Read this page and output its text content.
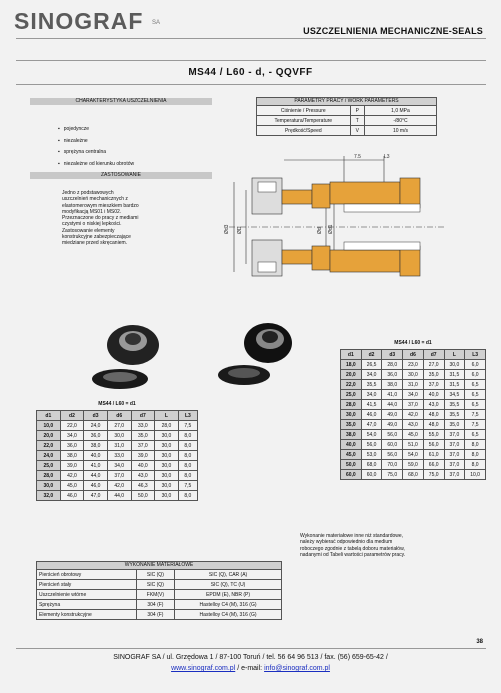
SINOGRAF SA
USZCZELNIENIA MECHANICZNE-SEALS
MS44 / L60 - d, - QQVFF
CHARAKTERYSTYKA USZCZELNIENIA
▪ pojedyncze
▪ niezależne
▪ sprężyna centralna
▪ niezależne od kierunku obrotów
ZASTOSOWANIE
Jedno z podstawowych uszczelnień mechanicznych z elastomerowym mieszkiem bardzo modyfikacją MS01 i MS02. Przeznaczone do pracy z mediami czystymi o niskiej lepkości. Zastosowanie elementy konstrukcyjne zabezpieczające miedziane przed skręcaniem.
PARAMETRY PRACY / WORK PARAMETERS
Ciśnienie / Pressure	P	1,0 MPa
Temperatura/Temperature	T	-/80°C
Prędkość/Speed	V	10 m/s
7.5	L3
Ød3 ØD	Ød Ød1
MS44 / L60 = d1
d1	d2	d3	d6	d7	L	L3
18,0	26,5	28,0	23,0	27,0	30,0	6,0
20,0	34,0	36,0	30,0	35,0	31,5	6,0
22,0	35,5	38,0	31,0	37,0	31,5	6,5
25,0	34,0	41,0	34,0	40,0	34,5	6,5
28,0	41,5	44,0	37,0	43,0	35,5	6,5
30,0	46,0	49,0	42,0	48,0	35,5	7,5
35,0	47,0	49,0	43,0	48,0	35,0	7,5
38,0	54,0	56,0	45,0	55,0	37,0	6,5
40,0	56,0	60,0	51,0	56,0	37,0	8,0
45,0	53,0	56,0	54,0	61,0	37,0	8,0
50,0	68,0	70,0	59,0	66,0	37,0	8,0
60,0	60,0	75,0	68,0	75,0	37,0	10,0
MS44 / L60 = d1
d1	d2	d3	d6	d7	L	L3
10,0	22,0	24,0	27,0	33,0	28,0	7,5
20,0	34,0	36,0	30,0	35,0	30,0	8,0
22,0	36,0	38,0	31,0	37,0	30,0	8,0
24,0	38,0	40,0	33,0	39,0	30,0	8,0
25,0	39,0	41,0	34,0	40,0	30,0	8,0
28,0	42,0	44,0	37,0	43,0	30,0	8,0
30,0	45,0	46,0	42,0	46,3	30,0	7,5
32,0	46,0	47,0	44,0	50,0	30,0	8,0
WYKONANIE MATERIAŁOWE
Pierścień obrotowy	SIC (Q)	SIC (Q), CAR (A)
Pierścień stały	SIC (Q)	SIC (Q), TC (U)
Uszczelnienie wtórne	FKM(V)	EPDM (E), NBR (P)
Sprężyna	304 (F)	Hastelloy C4 (M), 316 (G)
Elementy konstrukcyjne	304 (F)	Hastelloy C4 (M), 316 (G)
Wykonanie materiałowe inne niż standardowe, należy wybierać odpowiednio dla medium roboczego zgodnie z tabelą doboru materiałów, nadanymi od Tabeli wartości parametrów pracy.
38
SINOGRAF SA / ul. Grzędowa 1 / 87-100 Toruń / tel. 56 64 96 513 / fax. (56) 659-65-42 /
www.sinograf.com.pl / e-mail: info@sinograf.com.pl
